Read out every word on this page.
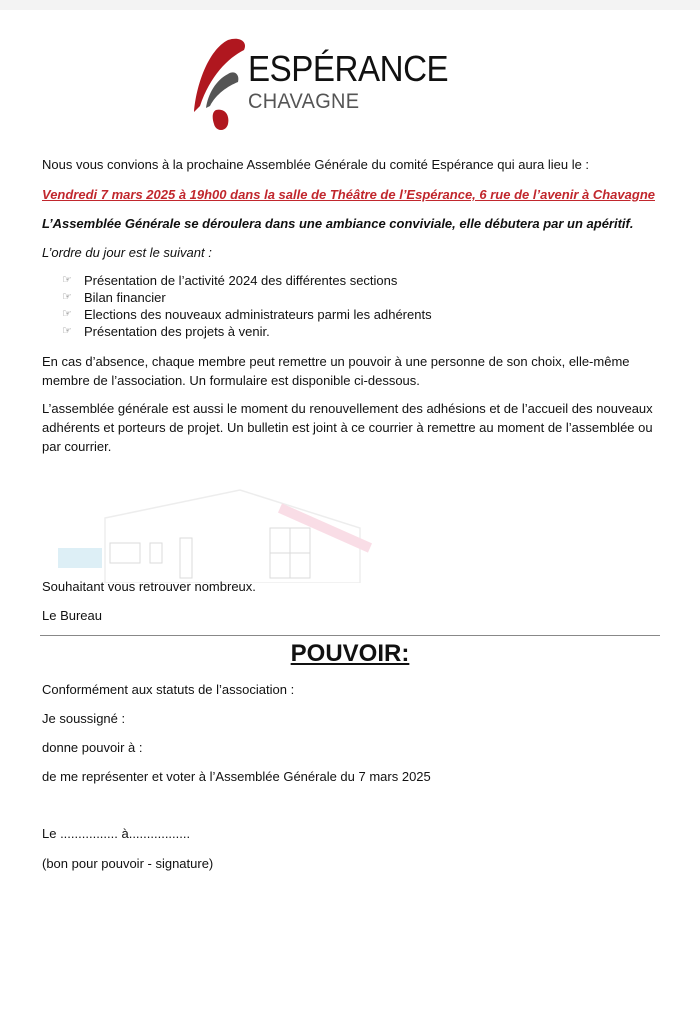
ESPÉRANCE
CHAVAGNE
Nous vous convions à la prochaine Assemblée Générale du comité Espérance qui aura lieu le :
Vendredi 7 mars 2025 à 19h00 dans la salle de Théâtre de l’Espérance, 6 rue de l’avenir à Chavagne
L’Assemblée Générale se déroulera dans une ambiance conviviale, elle débutera par un apéritif.
L’ordre du jour est le suivant :
☞ Présentation de l’activité 2024 des différentes sections
☞ Bilan financier
☞ Elections des nouveaux administrateurs parmi les adhérents
☞ Présentation des projets à venir.
En cas d’absence, chaque membre peut remettre un pouvoir à une personne de son choix, elle-même membre de l’association. Un formulaire est disponible ci-dessous.
L’assemblée générale est aussi le moment du renouvellement des adhésions et de l’accueil des nouveaux adhérents et porteurs de projet. Un bulletin est joint à ce courrier à remettre au moment de l’assemblée ou par courrier.
Souhaitant vous retrouver nombreux.
Le Bureau
POUVOIR:
Conformément aux statuts de l’association :
Je soussigné :
donne pouvoir à :
de me représenter et voter à l’Assemblée Générale du 7 mars 2025
Le ................ à.................
(bon pour pouvoir - signature)
